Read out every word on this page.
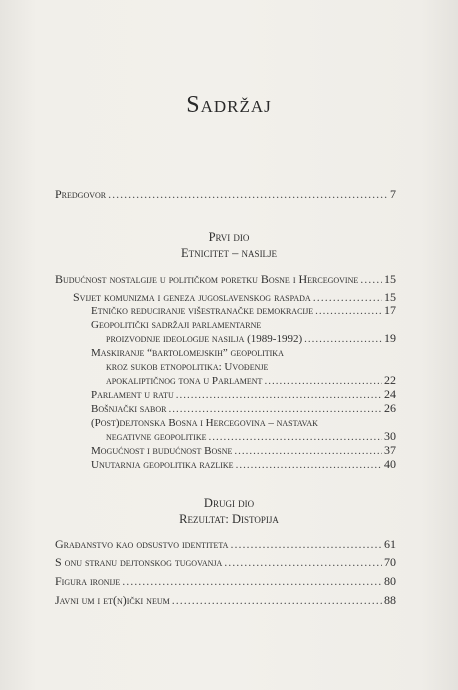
Sadržaj
Predgovor .....	7
Prvi dio
Etnicitet – nasilje
Budućnost nostalgije u političkom poretku Bosne i Hercegovine ..... 15
Svijet komunizma i geneza jugoslavenskog raspada .....	15
Etničko reduciranje višestranačke demokracije .....	17
Geopolitički sadržaji parlamentarne
proizvodnje ideologije nasilja (1989-1992) .....	19
Maskiranje “bartolomejskih” geopolitika
kroz sukob etnopolitika: Uvođenje
apokaliptičnog tona u Parlament .....	22
Parlament u ratu .....	24
Bošnjački sabor .....	26
(Post)dejtonska Bosna i Hercegovina – nastavak
negativne geopolitike .....	30
Mogućnost i budućnost Bosne .....	37
Unutarnja geopolitika razlike .....	40
Drugi dio
Rezultat: Distopija
Građanstvo kao odsustvo identiteta .....	61
S onu stranu dejtonskog tugovanja .....	70
Figura ironije .....	80
Javni um i et(n)ički neum .....	88
